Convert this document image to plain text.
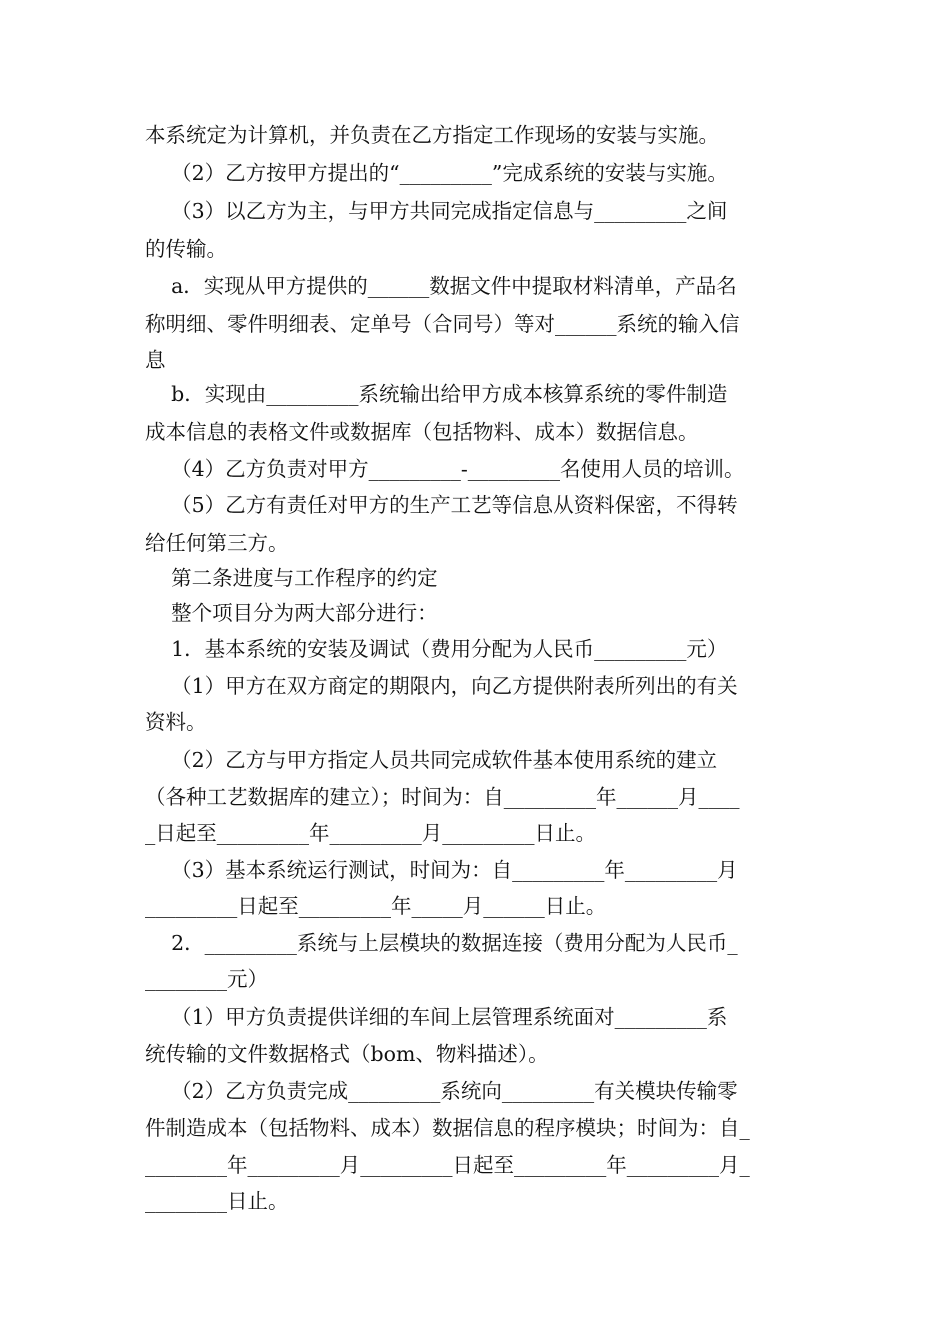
本系统定为计算机，并负责在乙方指定工作现场的安装与实施。
（2）乙方按甲方提出的“_________”完成系统的安装与实施。
（3）以乙方为主，与甲方共同完成指定信息与_________之间
的传输。
a．实现从甲方提供的______数据文件中提取材料清单，产品名
称明细、零件明细表、定单号（合同号）等对______系统的输入信
息
b．实现由_________系统输出给甲方成本核算系统的零件制造
成本信息的表格文件或数据库（包括物料、成本）数据信息。
（4）乙方负责对甲方_________-_________名使用人员的培训。
（5）乙方有责任对甲方的生产工艺等信息从资料保密，不得转
给任何第三方。
第二条进度与工作程序的约定
整个项目分为两大部分进行：
1．基本系统的安装及调试（费用分配为人民币_________元）
（1）甲方在双方商定的期限内，向乙方提供附表所列出的有关
资料。
（2）乙方与甲方指定人员共同完成软件基本使用系统的建立
（各种工艺数据库的建立）；时间为：自_________年______月____
_日起至_________年_________月_________日止。
（3）基本系统运行测试，时间为：自_________年_________月
_________日起至_________年_____月______日止。
2．_________系统与上层模块的数据连接（费用分配为人民币_
________元）
（1）甲方负责提供详细的车间上层管理系统面对_________系
统传输的文件数据格式（bom、物料描述）。
（2）乙方负责完成_________系统向_________有关模块传输零
件制造成本（包括物料、成本）数据信息的程序模块；时间为：自_
________年_________月_________日起至_________年_________月_
________日止。
